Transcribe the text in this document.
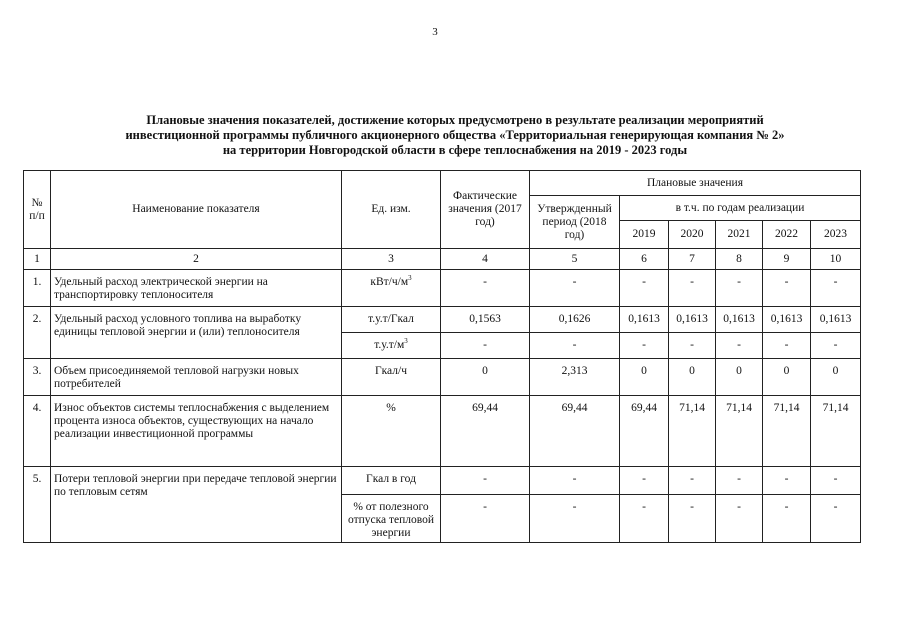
3
Плановые значения показателей, достижение которых предусмотрено в результате реализации мероприятий
инвестиционной программы публичного акционерного общества «Территориальная генерирующая компания № 2»
на территории Новгородской области в сфере теплоснабжения на 2019 - 2023 годы
№ п/п	Наименование показателя	Ед. изм.	Фактические значения (2017 год)	Плановые значения					
				Утвержденный период (2018 год)	в т.ч. по годам реализации				
					2019	2020	2021	2022	2023
1	2	3	4	5	6	7	8	9	10
1.	Удельный расход электрической энергии на транспортировку теплоносителя	кВт/$ч/м^3$	-	-	-	-	-	-	-
2.	Удельный расход условного топлива на выработку единицы тепловой энергии и (или) теплоносителя	т.у.т/Гкал	0,1563	0,1626	0,1613	0,1613	0,1613	0,1613	0,1613
		$т.у.т/м^3$	-	-	-	-	-	-	-
3.	Объем присоединяемой тепловой нагрузки новых потребителей	Гкал/ч	0	2,313	0	0	0	0	0
4.	Износ объектов системы теплоснабжения с выделением процента износа объектов, существующих на начало реализации инвестиционной программы	%	69,44	69,44	69,44	71,14	71,14	71,14	71,14
5.	Потери тепловой энергии при передаче тепловой энергии по тепловым сетям	Гкал в год	-	-	-	-	-	-	-
		% от полезного отпуска тепловой энергии	-	-	-	-	-	-	-
